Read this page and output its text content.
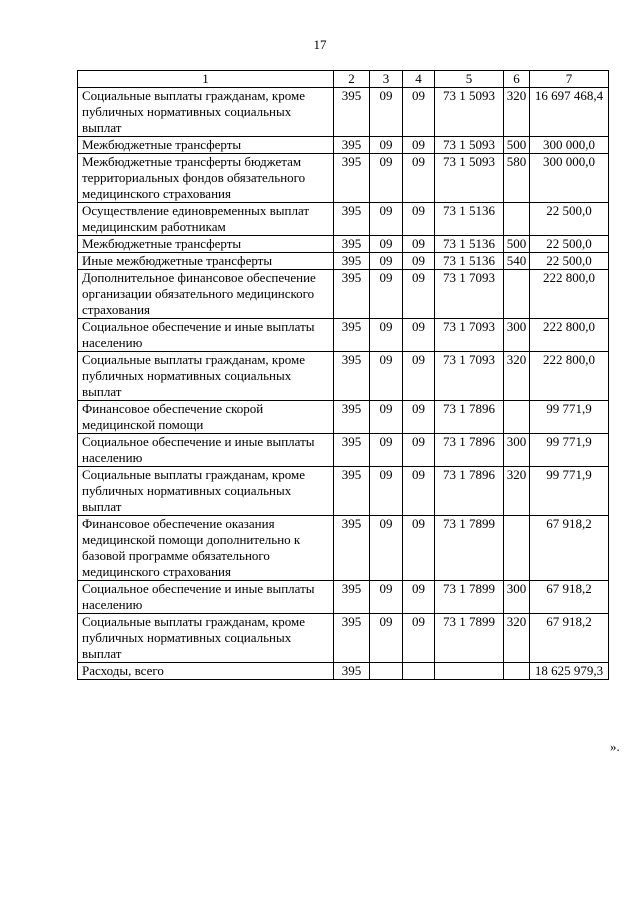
17
1	2	3	4	5	6	7
Социальные выплаты гражданам, кроме публичных нормативных социальных выплат	395	09	09	73 1 5093	320	16 697 468,4
Межбюджетные трансферты	395	09	09	73 1 5093	500	300 000,0
Межбюджетные трансферты бюджетам территориальных фондов обязательного медицинского страхования	395	09	09	73 1 5093	580	300 000,0
Осуществление единовременных выплат медицинским работникам	395	09	09	73 1 5136		22 500,0
Межбюджетные трансферты	395	09	09	73 1 5136	500	22 500,0
Иные межбюджетные трансферты	395	09	09	73 1 5136	540	22 500,0
Дополнительное финансовое обеспечение организации обязательного медицинского страхования	395	09	09	73 1 7093		222 800,0
Социальное обеспечение и иные выплаты населению	395	09	09	73 1 7093	300	222 800,0
Социальные выплаты гражданам, кроме публичных нормативных социальных выплат	395	09	09	73 1 7093	320	222 800,0
Финансовое обеспечение скорой медицинской помощи	395	09	09	73 1 7896		99 771,9
Социальное обеспечение и иные выплаты населению	395	09	09	73 1 7896	300	99 771,9
Социальные выплаты гражданам, кроме публичных нормативных социальных выплат	395	09	09	73 1 7896	320	99 771,9
Финансовое обеспечение оказания медицинской помощи дополнительно к базовой программе обязательного медицинского страхования	395	09	09	73 1 7899		67 918,2
Социальное обеспечение и иные выплаты населению	395	09	09	73 1 7899	300	67 918,2
Социальные выплаты гражданам, кроме публичных нормативных социальных выплат	395	09	09	73 1 7899	320	67 918,2
Расходы, всего	395					18 625 979,3
».
